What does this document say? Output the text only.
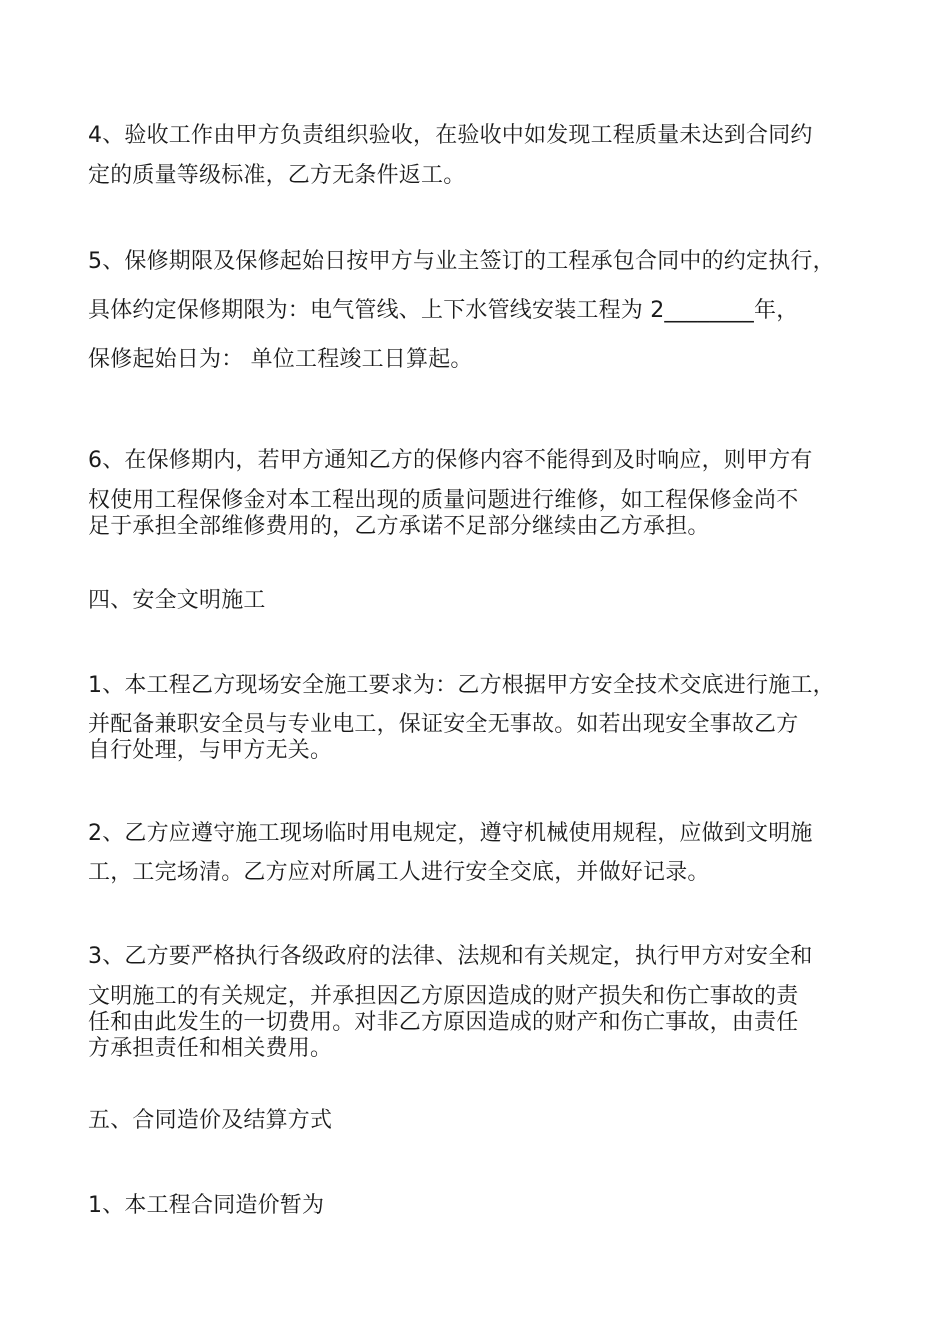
4、验收工作由甲方负责组织验收，在验收中如发现工程质量未达到合同约
定的质量等级标准，乙方无条件返工。
5、保修期限及保修起始日按甲方与业主签订的工程承包合同中的约定执行，
具体约定保修期限为：电气管线、上下水管线安装工程为 2________年，
保修起始日为： 单位工程竣工日算起。
6、在保修期内，若甲方通知乙方的保修内容不能得到及时响应，则甲方有
权使用工程保修金对本工程出现的质量问题进行维修，如工程保修金尚不
足于承担全部维修费用的，乙方承诺不足部分继续由乙方承担。
四、安全文明施工
1、本工程乙方现场安全施工要求为：乙方根据甲方安全技术交底进行施工，
并配备兼职安全员与专业电工，保证安全无事故。如若出现安全事故乙方
自行处理，与甲方无关。
2、乙方应遵守施工现场临时用电规定，遵守机械使用规程，应做到文明施
工，工完场清。乙方应对所属工人进行安全交底，并做好记录。
3、乙方要严格执行各级政府的法律、法规和有关规定，执行甲方对安全和
文明施工的有关规定，并承担因乙方原因造成的财产损失和伤亡事故的责
任和由此发生的一切费用。对非乙方原因造成的财产和伤亡事故，由责任
方承担责任和相关费用。
五、合同造价及结算方式
1、本工程合同造价暂为
